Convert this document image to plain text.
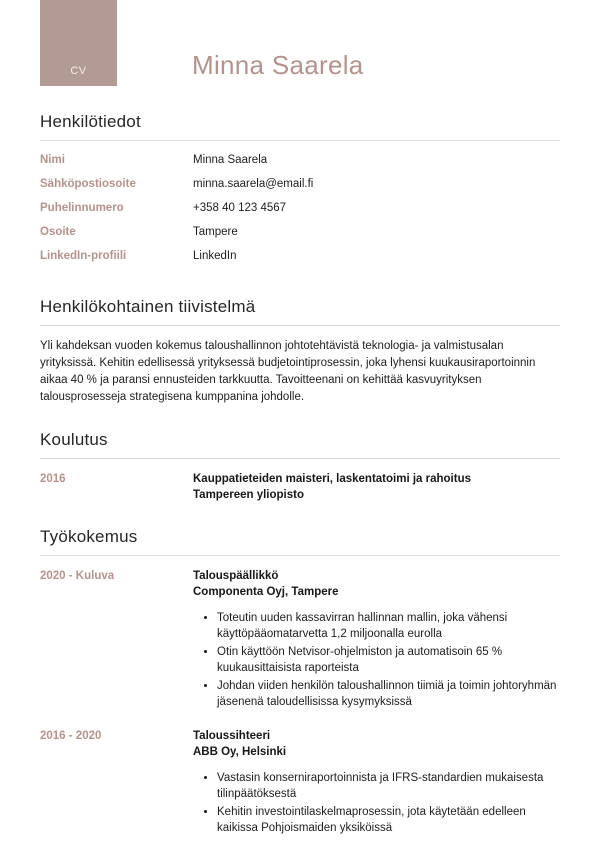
CV	Minna Saarela
Henkilötiedot
Nimi	Minna Saarela
Sähköpostiosoite	minna.saarela@email.fi
Puhelinnumero	+358 40 123 4567
Osoite	Tampere
LinkedIn-profiili	LinkedIn
Henkilökohtainen tiivistelmä

Yli kahdeksan vuoden kokemus taloushallinnon johtotehtävistä teknologia- ja valmistusalan yrityksissä. Kehitin edellisessä yrityksessä budjetointiprosessin, joka lyhensi kuukausiraportoinnin aikaa 40 % ja paransi ennusteiden tarkkuutta. Tavoitteenani on kehittää kasvuyrityksen talousprosesseja strategisena kumppanina johdolle.

Koulutus
2016	Kauppatieteiden maisteri, laskentatoimi ja rahoitus
Tampereen yliopisto
Työkokemus
2020 - Kuluva	Talouspäällikkö
Componenta Oyj, Tampere
• Toteutin uuden kassavirran hallinnan mallin, joka vähensi käyttöpääomatarvetta 1,2 miljoonalla eurolla
• Otin käyttöön Netvisor-ohjelmiston ja automatisoin 65 % kuukausittaisista raporteista
• Johdan viiden henkilön taloushallinnon tiimiä ja toimin johtoryhmän jäsenenä taloudellisissa kysymyksissä
2016 - 2020	Taloussihteeri
ABB Oy, Helsinki
• Vastasin konserniraportoinnista ja IFRS-standardien mukaisesta tilinpäätöksestä
• Kehitin investointilaskelmaprosessin, jota käytetään edelleen kaikissa Pohjoismaiden yksiköissä
